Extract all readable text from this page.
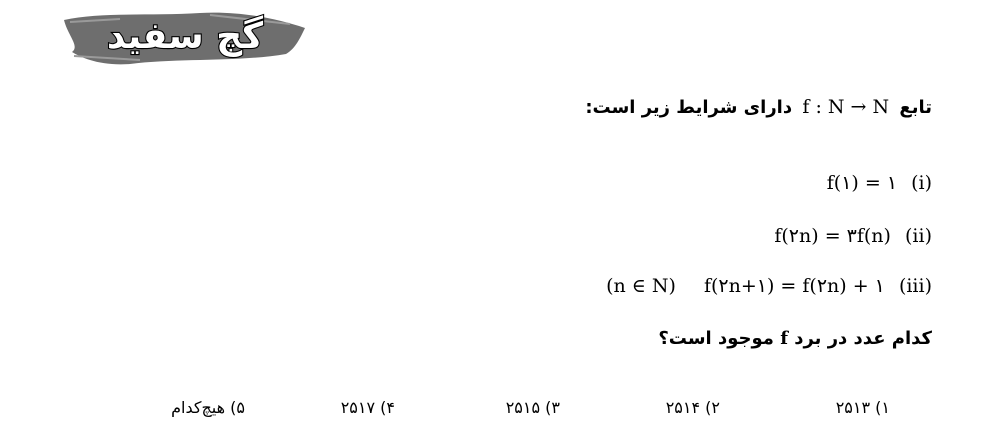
گچ سفید
تابع f : N → N دارای شرایط زیر است:
(i) f(۱) = ۱
(ii) f(۲n) = ۳f(n)
(iii) f(۲n+۱) = f(۲n) + ۱ (n ∈ N)
کدام عدد در برد f موجود است؟
۱) ۲۵۱۳
۲) ۲۵۱۴
۳) ۲۵۱۵
۴) ۲۵۱۷
۵) هیچ‌کدام
